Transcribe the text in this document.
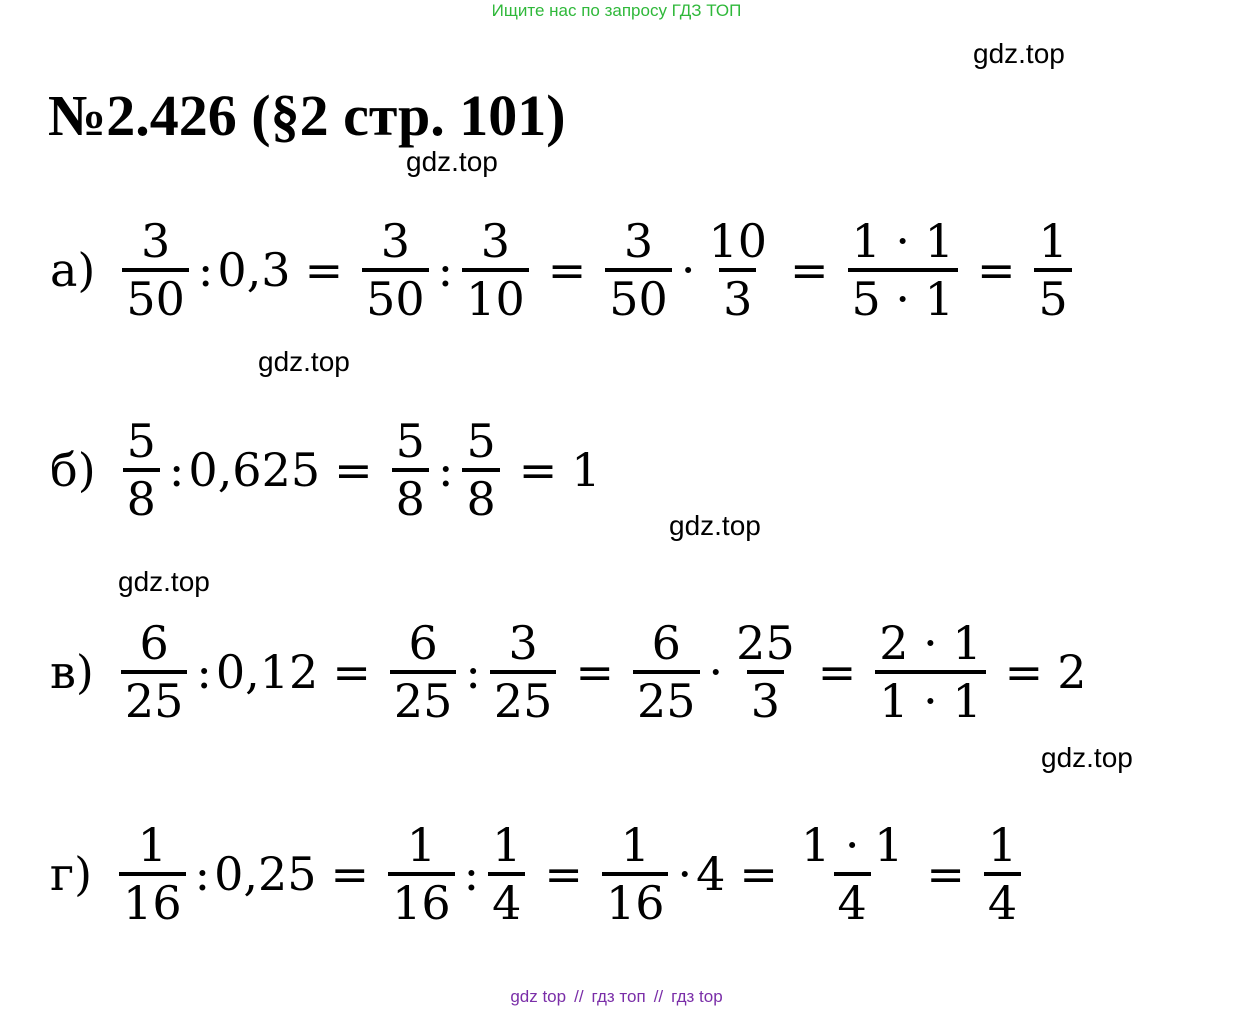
Ищите нас по запросу ГДЗ ТОП
gdz.top
gdz.top
gdz.top
gdz.top
gdz.top
gdz.top
№2.426 (§2 стр. 101)
$а) \frac{3}{50}$ : $0,3 = \frac{3}{50}$ : $\frac{3}{10} = \frac{3}{50} \cdot \frac{10}{3} = \frac{1 \cdot 1}{5 \cdot 1} = \frac{1}{5}$
$б) \frac{5}{8}$ : $0,625 = \frac{5}{8}$ : $\frac{5}{8} = 1$
$в) \frac{6}{25}$ : $0,12 = \frac{6}{25}$ : $\frac{3}{25} = \frac{6}{25} \cdot \frac{25}{3} = \frac{2 \cdot 1}{1 \cdot 1} = 2$
$г) \frac{1}{16}$ : $0,25 = \frac{1}{16}$ : $\frac{1}{4} = \frac{1}{16} \cdot 4 = \frac{1 \cdot 1}{4} = \frac{1}{4}$
gdz top // гдз топ // гдз top
